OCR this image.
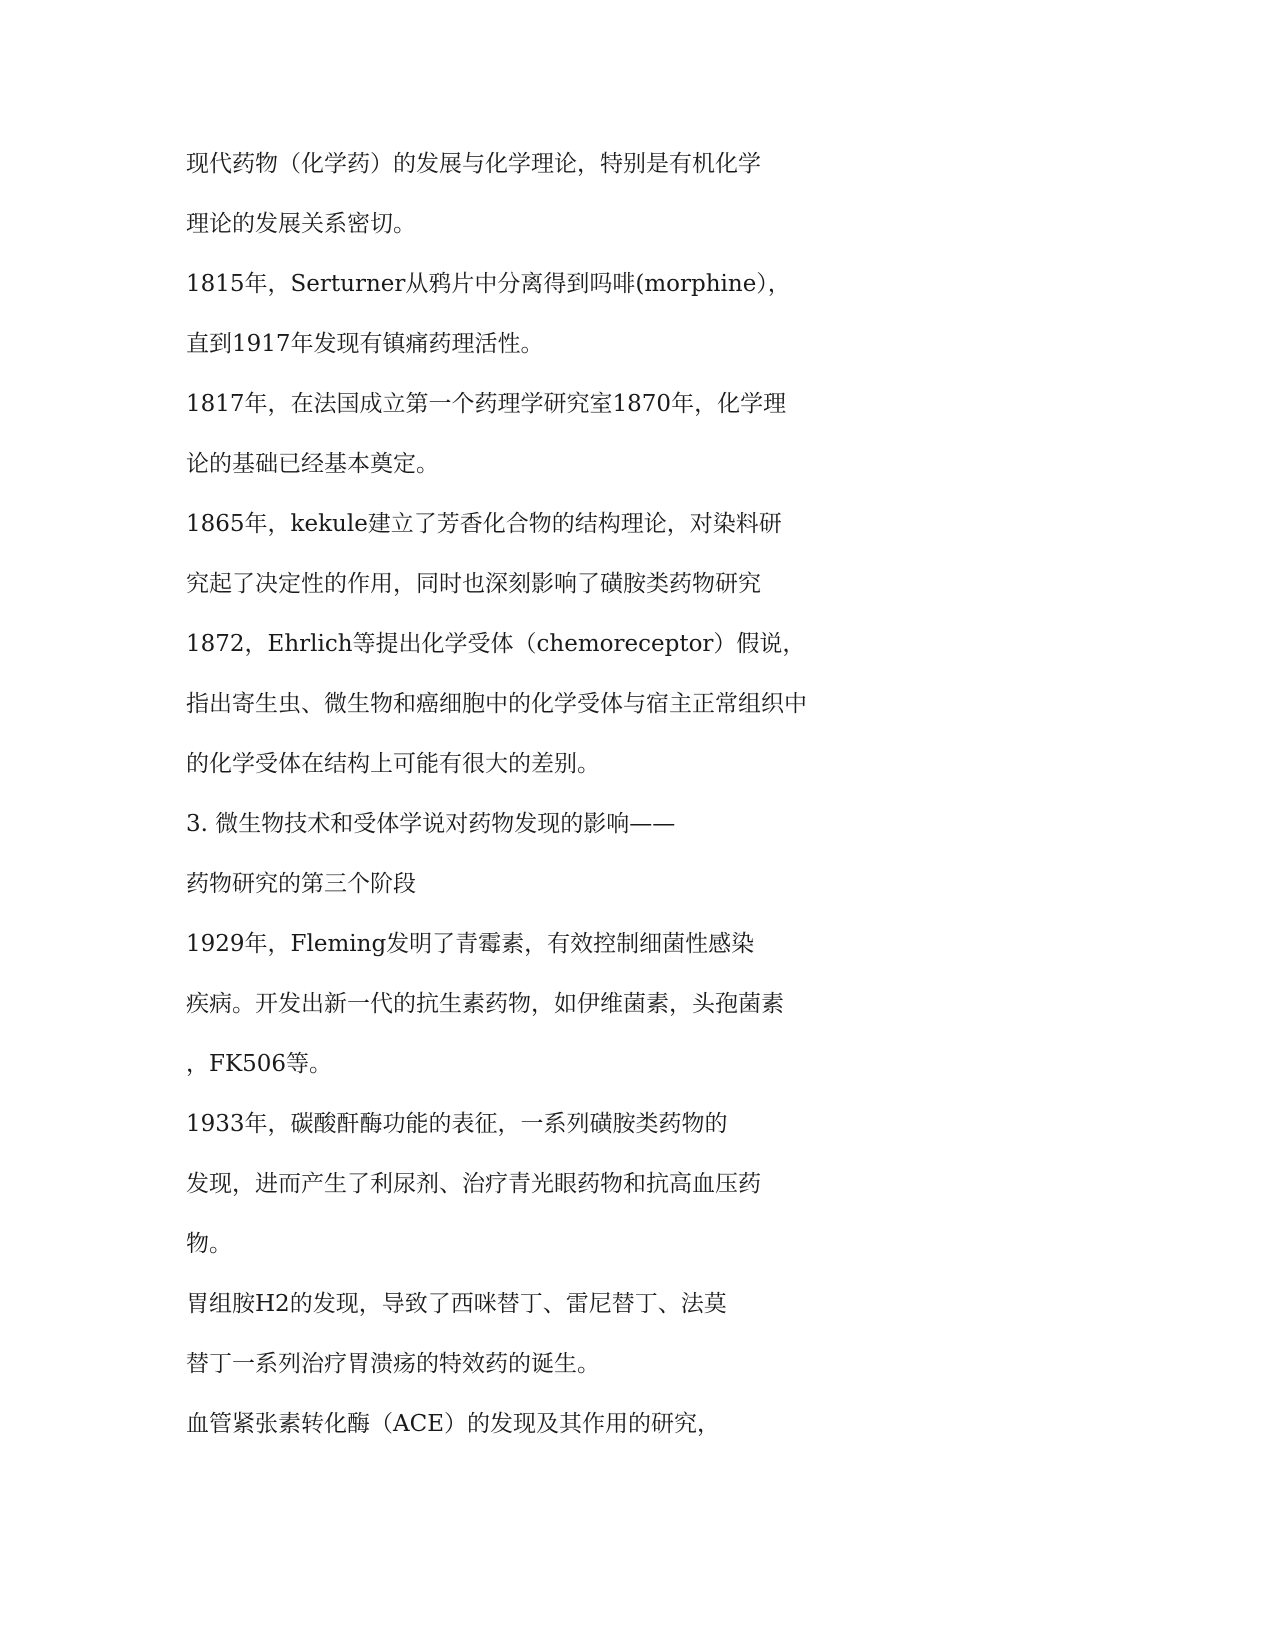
现代药物（化学药）的发展与化学理论，特别是有机化学
理论的发展关系密切。
1815年，Serturner从鸦片中分离得到吗啡(morphine），
直到1917年发现有镇痛药理活性。
1817年，在法国成立第一个药理学研究室1870年，化学理
论的基础已经基本奠定。
1865年，kekule建立了芳香化合物的结构理论，对染料研
究起了决定性的作用，同时也深刻影响了磺胺类药物研究
1872，Ehrlich等提出化学受体（chemoreceptor）假说，
指出寄生虫、微生物和癌细胞中的化学受体与宿主正常组织中
的化学受体在结构上可能有很大的差别。
3. 微生物技术和受体学说对药物发现的影响——
药物研究的第三个阶段
1929年，Fleming发明了青霉素，有效控制细菌性感染
疾病。开发出新一代的抗生素药物，如伊维菌素，头孢菌素
，FK506等。
1933年，碳酸酐酶功能的表征，一系列磺胺类药物的
发现，进而产生了利尿剂、治疗青光眼药物和抗高血压药
物。
胃组胺H2的发现，导致了西咪替丁、雷尼替丁、法莫
替丁一系列治疗胃溃疡的特效药的诞生。
血管紧张素转化酶（ACE）的发现及其作用的研究，
